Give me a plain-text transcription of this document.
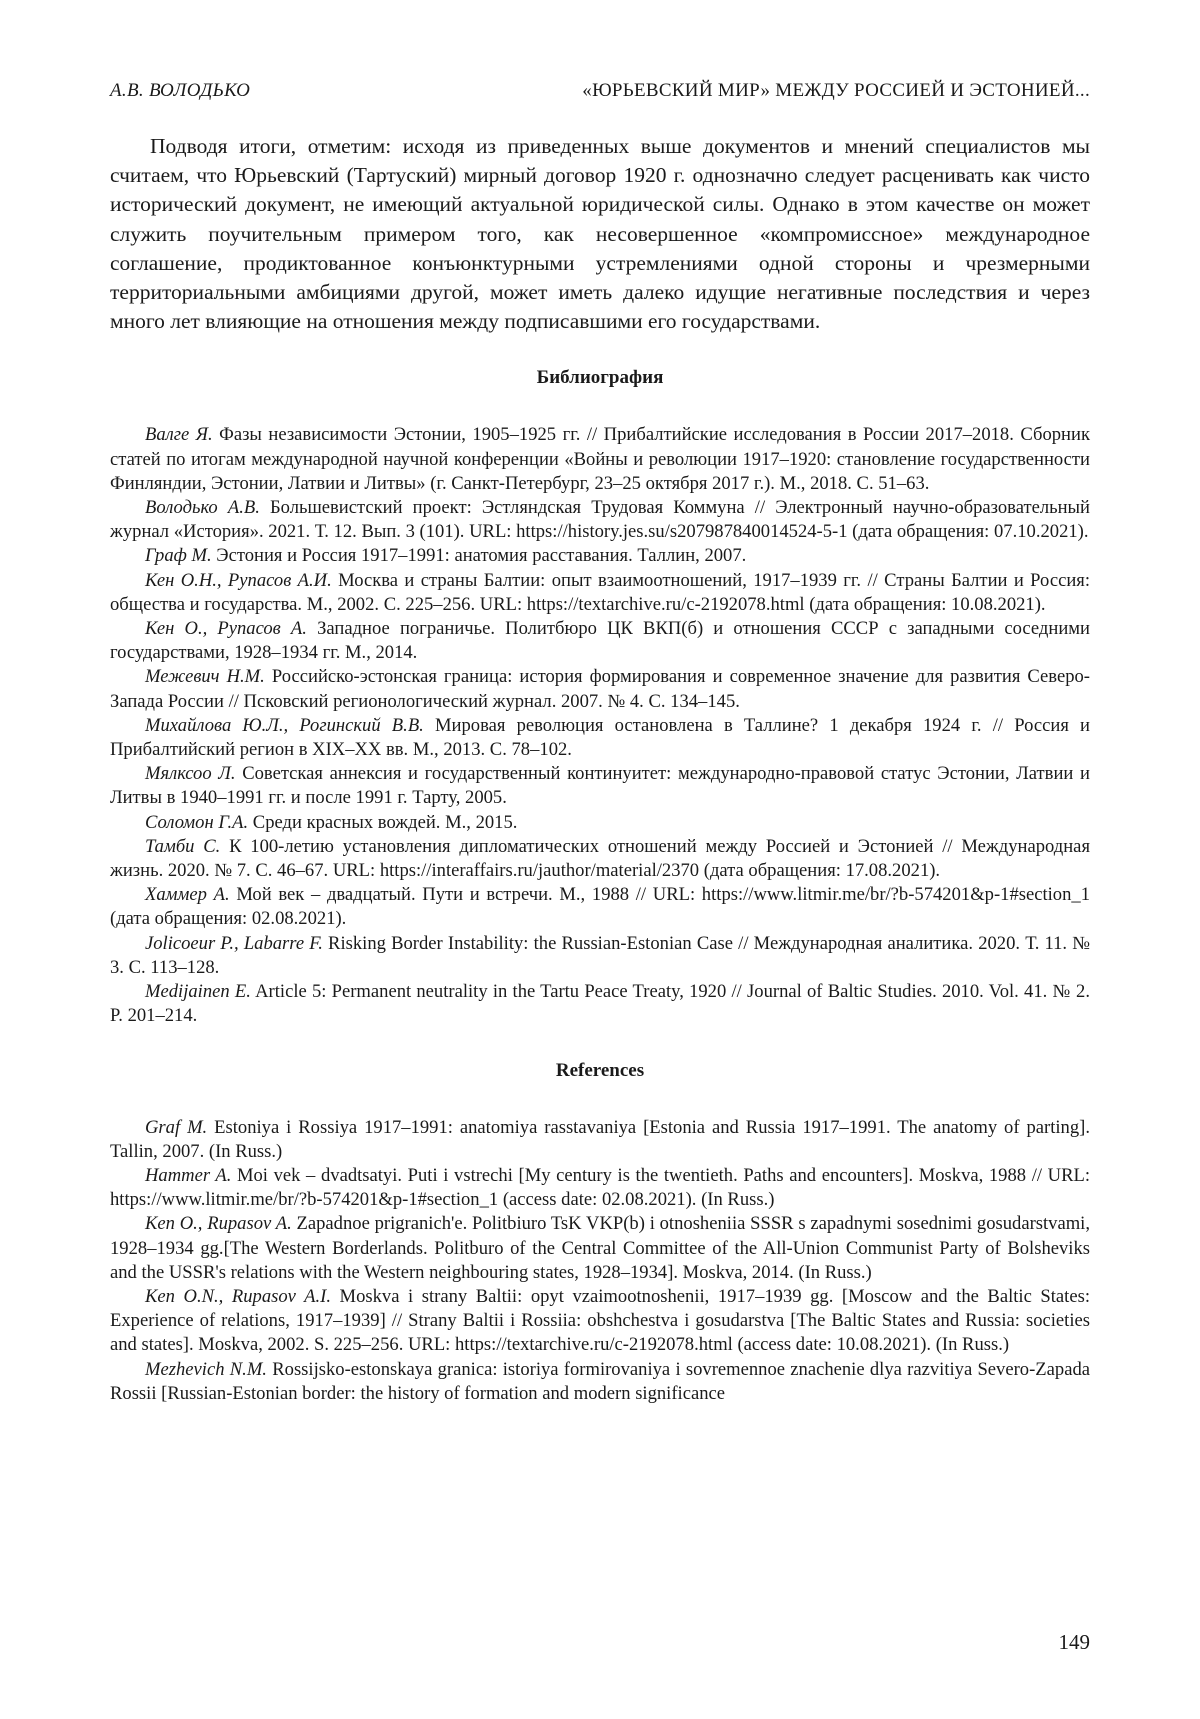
А.В. ВОЛОДЬКО	«ЮРЬЕВСКИЙ МИР» МЕЖДУ РОССИЕЙ И ЭСТОНИЕЙ...

Подводя итоги, отметим: исходя из приведенных выше документов и мнений специалистов мы считаем, что Юрьевский (Тартуский) мирный договор 1920 г. однозначно следует расценивать как чисто исторический документ, не имеющий актуальной юридической силы. Однако в этом качестве он может служить поучительным примером того, как несовершенное «компромиссное» международное соглашение, продиктованное конъюнктурными устремлениями одной стороны и чрезмерными территориальными амбициями другой, может иметь далеко идущие негативные последствия и через много лет влияющие на отношения между подписавшими его государствами.

Библиография

Валге Я. Фазы независимости Эстонии, 1905–1925 гг. // Прибалтийские исследования в России 2017–2018. Сборник статей по итогам международной научной конференции «Войны и революции 1917–1920: становление государственности Финляндии, Эстонии, Латвии и Литвы» (г. Санкт-Петербург, 23–25 октября 2017 г.). М., 2018. С. 51–63.

Володько А.В. Большевистский проект: Эстляндская Трудовая Коммуна // Электронный научно-образовательный журнал «История». 2021. Т. 12. Вып. 3 (101). URL: https://history.jes.su/s207987840014524-5-1 (дата обращения: 07.10.2021).

Граф М. Эстония и Россия 1917–1991: анатомия расставания. Таллин, 2007.

Кен О.Н., Рупасов А.И. Москва и страны Балтии: опыт взаимоотношений, 1917–1939 гг. // Страны Балтии и Россия: общества и государства. М., 2002. С. 225–256. URL: https://textarchive.ru/c-2192078.html (дата обращения: 10.08.2021).

Кен О., Рупасов А. Западное пограничье. Политбюро ЦК ВКП(б) и отношения СССР с западными соседними государствами, 1928–1934 гг. М., 2014.

Межевич Н.М. Российско-эстонская граница: история формирования и современное значение для развития Северо-Запада России // Псковский регионологический журнал. 2007. № 4. С. 134–145.

Михайлова Ю.Л., Рогинский В.В. Мировая революция остановлена в Таллине? 1 декабря 1924 г. // Россия и Прибалтийский регион в XIX–XX вв. М., 2013. С. 78–102.

Мялксоо Л. Советская аннексия и государственный континуитет: международно-правовой статус Эстонии, Латвии и Литвы в 1940–1991 гг. и после 1991 г. Тарту, 2005.

Соломон Г.А. Среди красных вождей. М., 2015.

Тамби С. К 100-летию установления дипломатических отношений между Россией и Эстонией // Международная жизнь. 2020. № 7. С. 46–67. URL: https://interaffairs.ru/jauthor/material/2370 (дата обращения: 17.08.2021).

Хаммер А. Мой век – двадцатый. Пути и встречи. М., 1988 // URL: https://www.litmir.me/br/?b-574201&p-1#section_1 (дата обращения: 02.08.2021).

Jolicoeur P., Labarre F. Risking Border Instability: the Russian-Estonian Case // Международная аналитика. 2020. Т. 11. № 3. С. 113–128.

Medijainen E. Article 5: Permanent neutrality in the Tartu Peace Treaty, 1920 // Journal of Baltic Studies. 2010. Vol. 41. № 2. P. 201–214.

References

Graf M. Estoniya i Rossiya 1917–1991: anatomiya rasstavaniya [Estonia and Russia 1917–1991. The anatomy of parting]. Tallin, 2007. (In Russ.)

Hammer A. Moi vek – dvadtsatyi. Puti i vstrechi [My century is the twentieth. Paths and encounters]. Moskva, 1988 // URL: https://www.litmir.me/br/?b-574201&p-1#section_1 (access date: 02.08.2021). (In Russ.)

Ken O., Rupasov A. Zapadnoe prigranich'e. Politbiuro TsK VKP(b) i otnosheniia SSSR s zapadnymi sosednimi gosudarstvami, 1928–1934 gg.[The Western Borderlands. Politburo of the Central Committee of the All-Union Communist Party of Bolsheviks and the USSR's relations with the Western neighbouring states, 1928–1934]. Moskva, 2014. (In Russ.)

Ken O.N., Rupasov A.I. Moskva i strany Baltii: opyt vzaimootnoshenii, 1917–1939 gg. [Moscow and the Baltic States: Experience of relations, 1917–1939] // Strany Baltii i Rossiia: obshchestva i gosudarstva [The Baltic States and Russia: societies and states]. Moskva, 2002. S. 225–256. URL: https://textarchive.ru/c-2192078.html (access date: 10.08.2021). (In Russ.)

Mezhevich N.M. Rossijsko-estonskaya granica: istoriya formirovaniya i sovremennoe znachenie dlya razvitiya Severo-Zapada Rossii [Russian-Estonian border: the history of formation and modern significance

149
